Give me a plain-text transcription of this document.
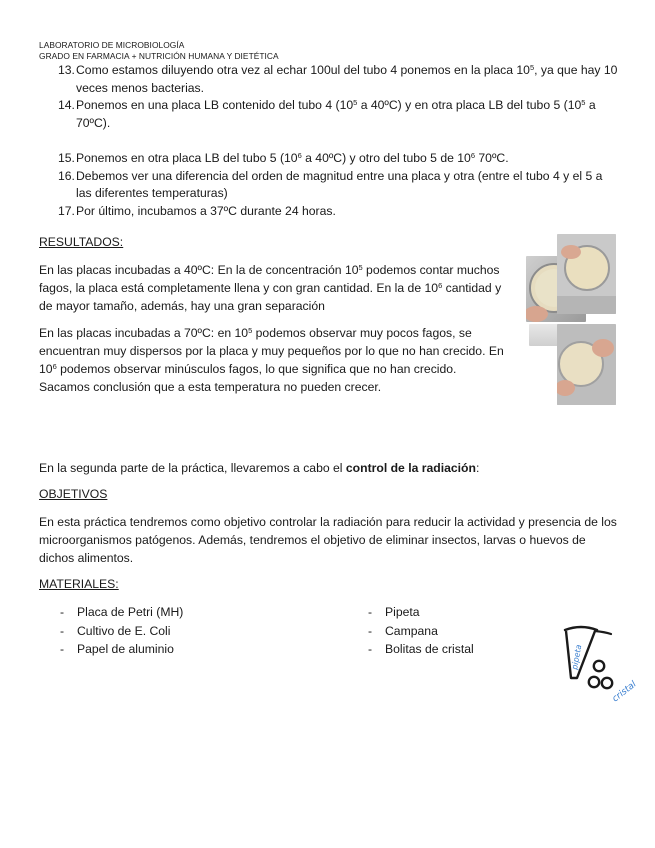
LABORATORIO DE MICROBIOLOGÍA
GRADO EN FARMACIA + NUTRICIÓN HUMANA Y DIETÉTICA
13. Como estamos diluyendo otra vez al echar 100ul del tubo 4 ponemos en la placa $10^5$, ya que hay 10 veces menos bacterias.
14. Ponemos en una placa LB contenido del tubo 4 ($10^5$ a 40ºC) y en otra placa LB del tubo 5 ($10^5$ a 70ºC).
15. Ponemos en otra placa LB del tubo 5 ($10^6$ a 40ºC) y otro del tubo 5 de $10^6$ 70ºC.
16. Debemos ver una diferencia del orden de magnitud entre una placa y otra (entre el tubo 4 y el 5 a las diferentes temperaturas)
17. Por último, incubamos a 37ºC durante 24 horas.
RESULTADOS:
En las placas incubadas a 40ºC: En la de concentración $10^5$ podemos contar muchos fagos, la placa está completamente llena y con gran cantidad. En la de $10^6$ cantidad y de mayor tamaño, además, hay una gran separación
En las placas incubadas a 70ºC: en $10^5$ podemos observar muy pocos fagos, se encuentran muy dispersos por la placa y muy pequeños por lo que no han crecido. En $10^6$ podemos observar minúsculos fagos, lo que significa que no han crecido. Sacamos conclusión que a esta temperatura no pueden crecer.
En la segunda parte de la práctica, llevaremos a cabo el control de la radiación:
OBJETIVOS
En esta práctica tendremos como objetivo controlar la radiación para reducir la actividad y presencia de los microorganismos patógenos. Además, tendremos el objetivo de eliminar insectos, larvas o huevos de dichos alimentos.
MATERIALES:
- Placa de Petri (MH)
- Cultivo de E. Coli
- Papel de aluminio
- Pipeta
- Campana
- Bolitas de cristal	pipeta
cristal
